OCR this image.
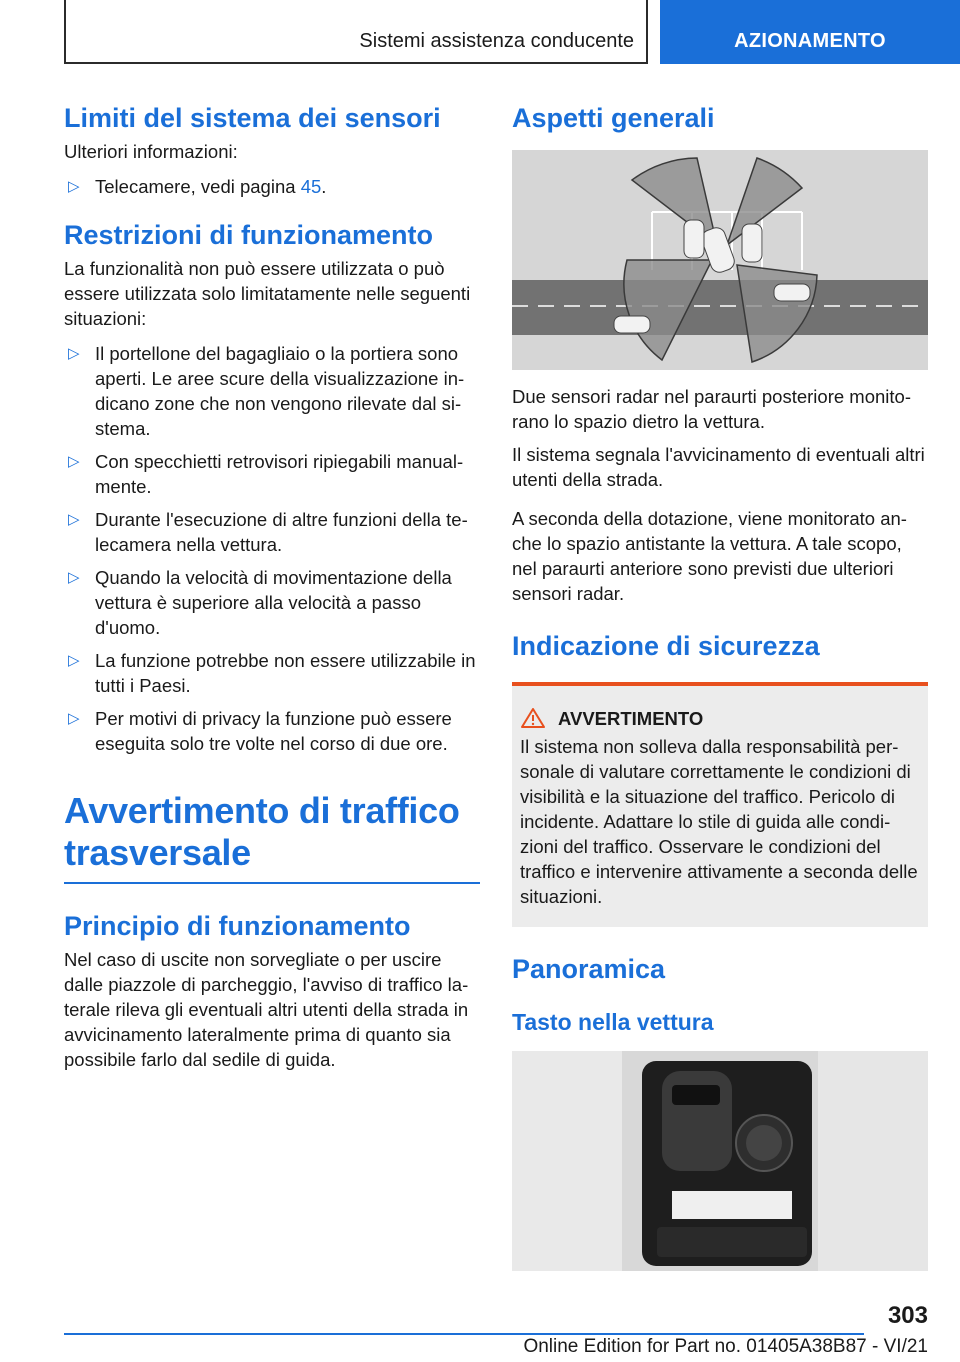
Sistemi assistenza conducente	AZIONAMENTO
Limiti del sistema dei sensori

Ulteriori informazioni:

▷ Telecamere, vedi pagina 45.
Restrizioni di funzionamento

La funzionalità non può essere utilizzata o può essere utilizzata solo limitatamente nelle seguenti situazioni:

▷ Il portellone del bagagliaio o la portiera sono aperti. Le aree scure della visualizzazione indicano zone che non vengono rilevate dal sistema.
▷ Con specchietti retrovisori ripiegabili manualmente.
▷ Durante l'esecuzione di altre funzioni della telecamera nella vettura.
▷ Quando la velocità di movimentazione della vettura è superiore alla velocità a passo d'uomo.
▷ La funzione potrebbe non essere utilizzabile in tutti i Paesi.
▷ Per motivi di privacy la funzione può essere eseguita solo tre volte nel corso di due ore.
Avvertimento di traffico
trasversale
Principio di funzionamento

Nel caso di uscite non sorvegliate o per uscire dalle piazzole di parcheggio, l'avviso di traffico laterale rileva gli eventuali altri utenti della strada in avvicinamento lateralmente prima di quanto sia possibile farlo dal sedile di guida.

Aspetti generali

Due sensori radar nel paraurti posteriore monitorano lo spazio dietro la vettura.

Il sistema segnala l'avvicinamento di eventuali altri utenti della strada.

A seconda della dotazione, viene monitorato anche lo spazio antistante la vettura. A tale scopo, nel paraurti anteriore sono previsti due ulteriori sensori radar.

Indicazione di sicurezza
AVVERTIMENTO

Il sistema non solleva dalla responsabilità personale di valutare correttamente le condizioni di visibilità e la situazione del traffico. Pericolo di incidente. Adattare lo stile di guida alle condizioni del traffico. Osservare le condizioni del traffico e intervenire attivamente a seconda delle situazioni.

Panoramica
Tasto nella vettura
303
Online Edition for Part no. 01405A38B87 - VI/21
